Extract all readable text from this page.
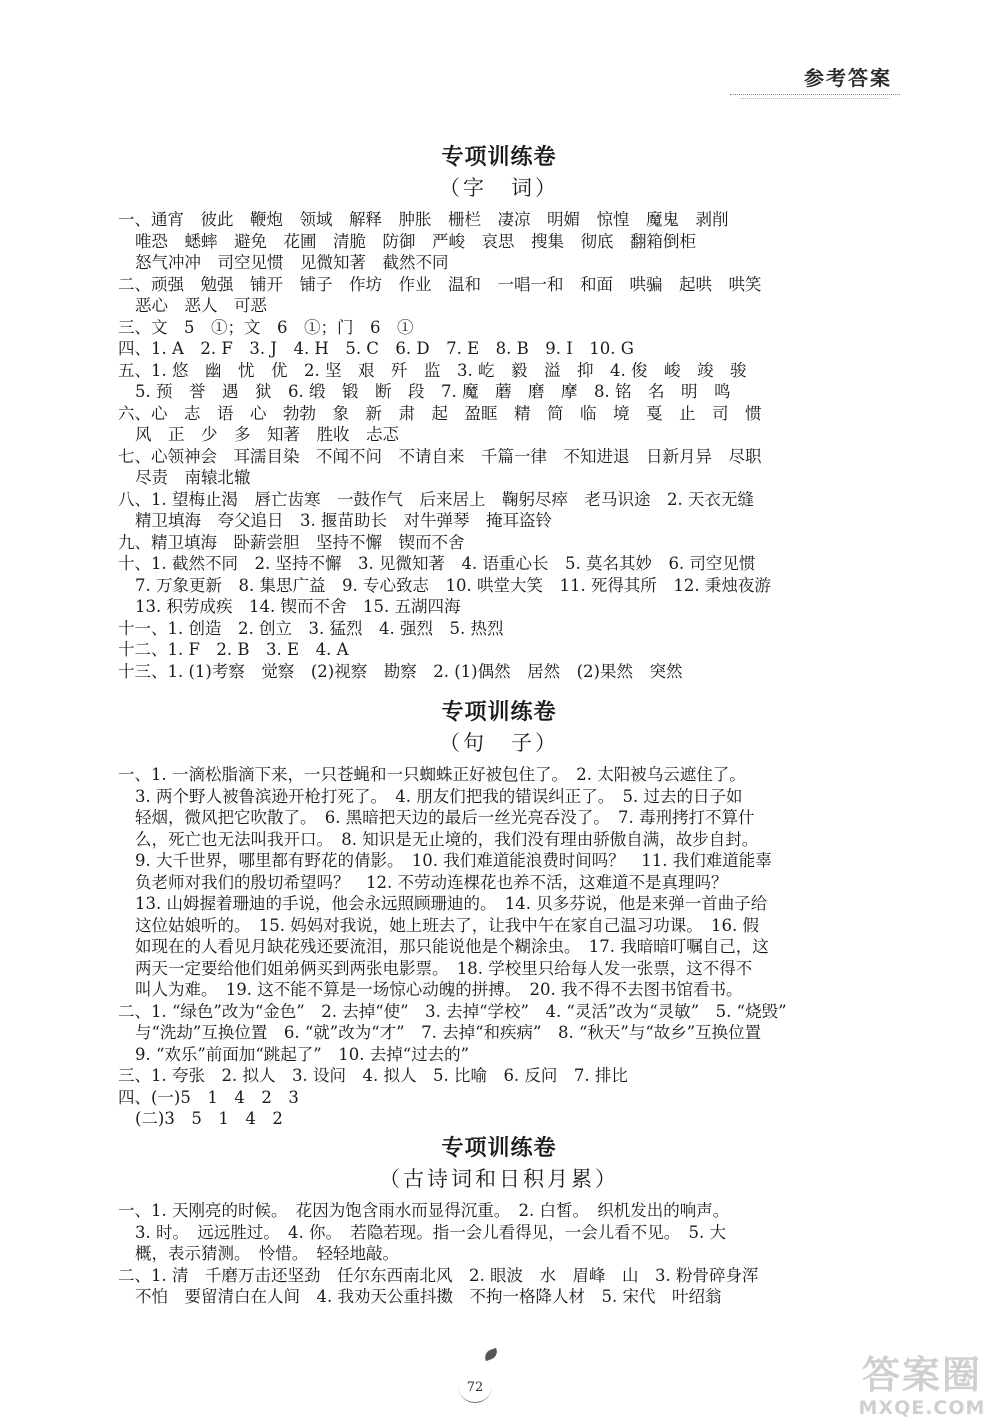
参考答案
专项训练卷
（字　词）
一、通宵　彼此　鞭炮　领域　解释　肿胀　栅栏　凄凉　明媚　惊惶　魔鬼　剥削
唯恐　蟋蟀　避免　花圃　清脆　防御　严峻　哀思　搜集　彻底　翻箱倒柜
怒气冲冲　司空见惯　见微知著　截然不同
二、顽强　勉强　铺开　铺子　作坊　作业　温和　一唱一和　和面　哄骗　起哄　哄笑
恶心　恶人　可恶
三、文　5　①；文　6　①；门　6　①
四、1. A　2. F　3. J　4. H　5. C　6. D　7. E　8. B　9. I　10. G
五、1. 悠　幽　忧　优　2. 坚　艰　歼　监　3. 屹　毅　溢　抑　4. 俊　峻　竣　骏
5. 预　誉　遇　狱　6. 缎　锻　断　段　7. 魔　蘑　磨　摩　8. 铭　名　明　鸣
六、心　志　语　心　勃勃　象　新　肃　起　盈眶　精　简　临　境　戛　止　司　惯
风　正　少　多　知著　胜收　忐忑
七、心领神会　耳濡目染　不闻不问　不请自来　千篇一律　不知进退　日新月异　尽职
尽责　南辕北辙
八、1. 望梅止渴　唇亡齿寒　一鼓作气　后来居上　鞠躬尽瘁　老马识途　2. 天衣无缝
精卫填海　夸父追日　3. 揠苗助长　对牛弹琴　掩耳盗铃
九、精卫填海　卧薪尝胆　坚持不懈　锲而不舍
十、1. 截然不同　2. 坚持不懈　3. 见微知著　4. 语重心长　5. 莫名其妙　6. 司空见惯
7. 万象更新　8. 集思广益　9. 专心致志　10. 哄堂大笑　11. 死得其所　12. 秉烛夜游
13. 积劳成疾　14. 锲而不舍　15. 五湖四海
十一、1. 创造　2. 创立　3. 猛烈　4. 强烈　5. 热烈
十二、1. F　2. B　3. E　4. A
十三、1. (1)考察　觉察　(2)视察　勘察　2. (1)偶然　居然　(2)果然　突然
专项训练卷
（句　子）
一、1. 一滴松脂滴下来，一只苍蝇和一只蜘蛛正好被包住了。　2. 太阳被乌云遮住了。
3. 两个野人被鲁滨逊开枪打死了。　4. 朋友们把我的错误纠正了。　5. 过去的日子如
轻烟，微风把它吹散了。　6. 黑暗把天边的最后一丝光亮吞没了。　7. 毒刑拷打不算什
么，死亡也无法叫我开口。　8. 知识是无止境的，我们没有理由骄傲自满，故步自封。
9. 大千世界，哪里都有野花的倩影。　10. 我们难道能浪费时间吗？　11. 我们难道能辜
负老师对我们的殷切希望吗？　12. 不劳动连棵花也养不活，这难道不是真理吗？
13. 山姆握着珊迪的手说，他会永远照顾珊迪的。　14. 贝多芬说，他是来弹一首曲子给
这位姑娘听的。　15. 妈妈对我说，她上班去了，让我中午在家自己温习功课。　16. 假
如现在的人看见月缺花残还要流泪，那只能说他是个糊涂虫。　17. 我暗暗叮嘱自己，这
两天一定要给他们姐弟俩买到两张电影票。　18. 学校里只给每人发一张票，这不得不
叫人为难。　19. 这不能不算是一场惊心动魄的拼搏。　20. 我不得不去图书馆看书。
二、1. “绿色”改为“金色”　2. 去掉“使”　3. 去掉“学校”　4. “灵活”改为“灵敏”　5. “烧毁”
与“洗劫”互换位置　6. “就”改为“才”　7. 去掉“和疾病”　8. “秋天”与“故乡”互换位置
9. “欢乐”前面加“跳起了”　10. 去掉“过去的”
三、1. 夸张　2. 拟人　3. 设问　4. 拟人　5. 比喻　6. 反问　7. 排比
四、(一)5　1　4　2　3
(二)3　5　1　4　2
专项训练卷
（古诗词和日积月累）
一、1. 天刚亮的时候。　花因为饱含雨水而显得沉重。　2. 白皙。　织机发出的响声。
3. 时。　远远胜过。　4. 你。　若隐若现。指一会儿看得见，一会儿看不见。　5. 大
概，表示猜测。　怜惜。　轻轻地敲。
二、1. 清　千磨万击还坚劲　任尔东西南北风　2. 眼波　水　眉峰　山　3. 粉骨碎身浑
不怕　要留清白在人间　4. 我劝天公重抖擞　不拘一格降人材　5. 宋代　叶绍翁
72	答案圈
MXQE.COM
